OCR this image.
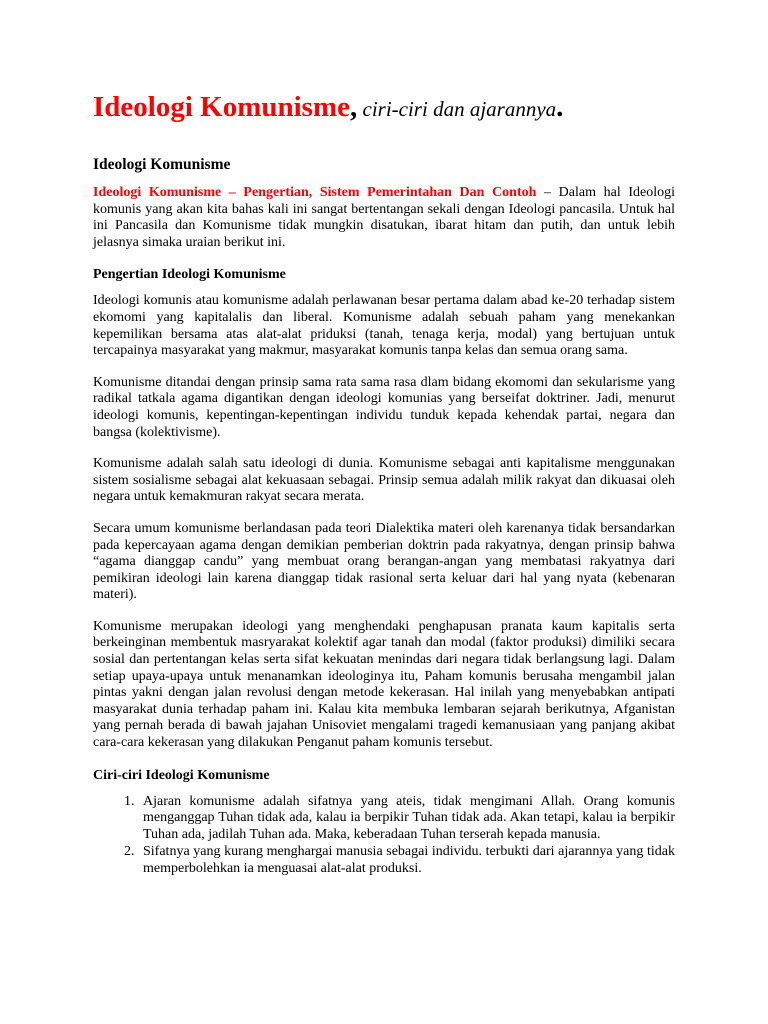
Ideologi Komunisme, ciri-ciri dan ajarannya.
Ideologi Komunisme

Ideologi Komunisme – Pengertian, Sistem Pemerintahan Dan Contoh – Dalam hal Ideologi komunis yang akan kita bahas kali ini sangat bertentangan sekali dengan Ideologi pancasila. Untuk hal ini Pancasila dan Komunisme tidak mungkin disatukan, ibarat hitam dan putih, dan untuk lebih jelasnya simaka uraian berikut ini.

Pengertian Ideologi Komunisme

Ideologi komunis atau komunisme adalah perlawanan besar pertama dalam abad ke-20 terhadap sistem ekomomi yang kapitalalis dan liberal. Komunisme adalah sebuah paham yang menekankan kepemilikan bersama atas alat-alat priduksi (tanah, tenaga kerja, modal) yang bertujuan untuk tercapainya masyarakat yang makmur, masyarakat komunis tanpa kelas dan semua orang sama.

Komunisme ditandai dengan prinsip sama rata sama rasa dlam bidang ekomomi dan sekularisme yang radikal tatkala agama digantikan dengan ideologi komunias yang berseifat doktriner. Jadi, menurut ideologi komunis, kepentingan-kepentingan individu tunduk kepada kehendak partai, negara dan bangsa (kolektivisme).

Komunisme adalah salah satu ideologi di dunia. Komunisme sebagai anti kapitalisme menggunakan sistem sosialisme sebagai alat kekuasaan sebagai. Prinsip semua adalah milik rakyat dan dikuasai oleh negara untuk kemakmuran rakyat secara merata.

Secara umum komunisme berlandasan pada teori Dialektika materi oleh karenanya tidak bersandarkan pada kepercayaan agama dengan demikian pemberian doktrin pada rakyatnya, dengan prinsip bahwa “agama dianggap candu” yang membuat orang berangan-angan yang membatasi rakyatnya dari pemikiran ideologi lain karena dianggap tidak rasional serta keluar dari hal yang nyata (kebenaran materi).

Komunisme merupakan ideologi yang menghendaki penghapusan pranata kaum kapitalis serta berkeinginan membentuk masryarakat kolektif agar tanah dan modal (faktor produksi) dimiliki secara sosial dan pertentangan kelas serta sifat kekuatan menindas dari negara tidak berlangsung lagi. Dalam setiap upaya-upaya untuk menanamkan ideologinya itu, Paham komunis berusaha mengambil jalan pintas yakni dengan jalan revolusi dengan metode kekerasan. Hal inilah yang menyebabkan antipati masyarakat dunia terhadap paham ini. Kalau kita membuka lembaran sejarah berikutnya, Afganistan yang pernah berada di bawah jajahan Unisoviet mengalami tragedi kemanusiaan yang panjang akibat cara-cara kekerasan yang dilakukan Penganut paham komunis tersebut.

Ciri-ciri Ideologi Komunisme
1. Ajaran komunisme adalah sifatnya yang ateis, tidak mengimani Allah. Orang komunis menganggap Tuhan tidak ada, kalau ia berpikir Tuhan tidak ada. Akan tetapi, kalau ia berpikir Tuhan ada, jadilah Tuhan ada. Maka, keberadaan Tuhan terserah kepada manusia.
2. Sifatnya yang kurang menghargai manusia sebagai individu. terbukti dari ajarannya yang tidak memperbolehkan ia menguasai alat-alat produksi.
